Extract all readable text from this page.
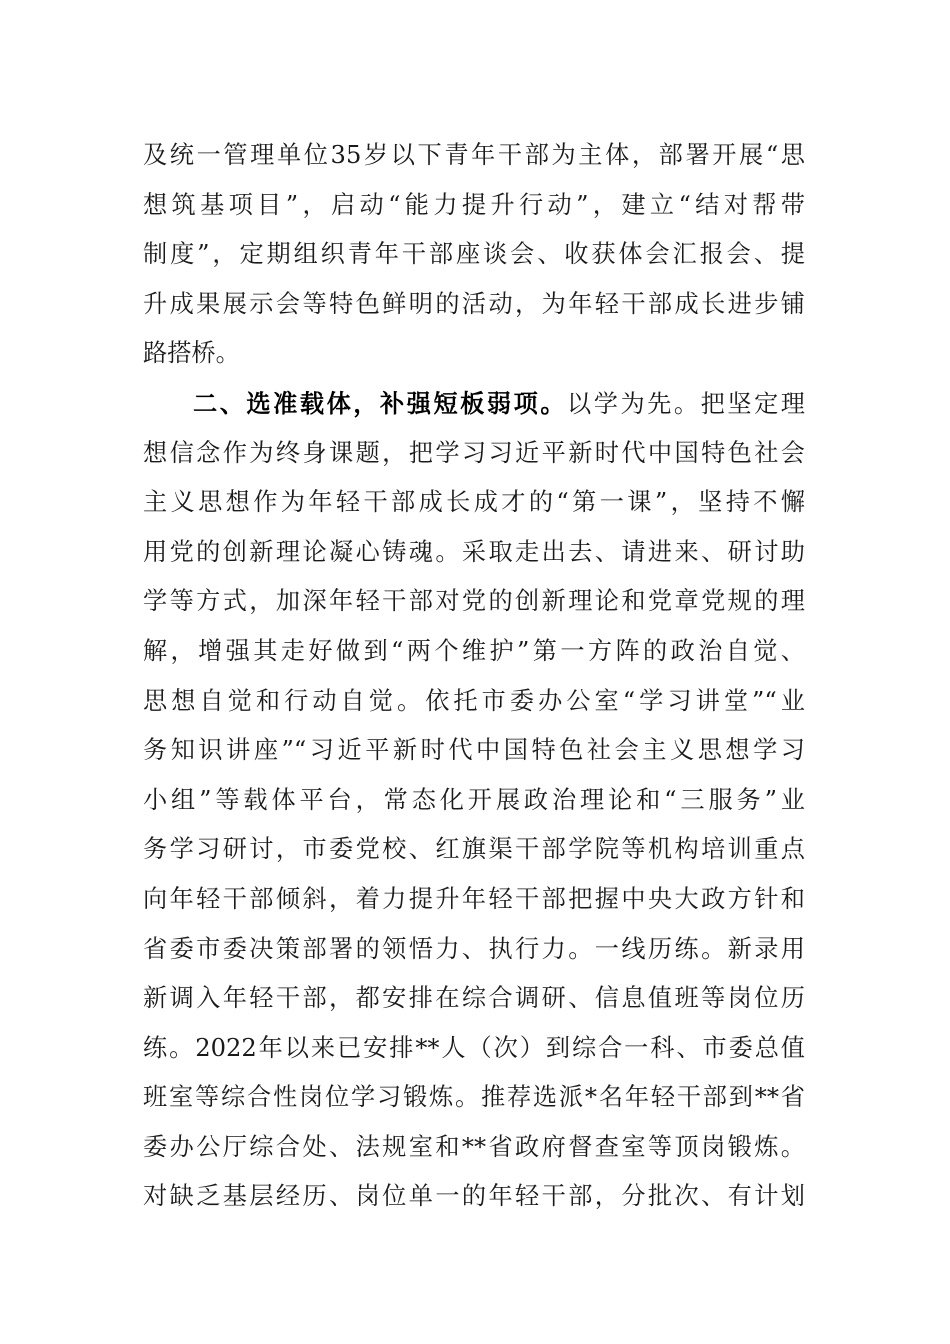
及统一管理单位35岁以下青年干部为主体，部署开展“思
想筑基项目”，启动“能力提升行动”，建立“结对帮带
制度”，定期组织青年干部座谈会、收获体会汇报会、提
升成果展示会等特色鲜明的活动，为年轻干部成长进步铺
路搭桥。
二、选准载体，补强短板弱项。以学为先。把坚定理
想信念作为终身课题，把学习习近平新时代中国特色社会
主义思想作为年轻干部成长成才的“第一课”，坚持不懈
用党的创新理论凝心铸魂。采取走出去、请进来、研讨助
学等方式，加深年轻干部对党的创新理论和党章党规的理
解，增强其走好做到“两个维护”第一方阵的政治自觉、
思想自觉和行动自觉。依托市委办公室“学习讲堂”“业
务知识讲座”“习近平新时代中国特色社会主义思想学习
小组”等载体平台，常态化开展政治理论和“三服务”业
务学习研讨，市委党校、红旗渠干部学院等机构培训重点
向年轻干部倾斜，着力提升年轻干部把握中央大政方针和
省委市委决策部署的领悟力、执行力。一线历练。新录用
新调入年轻干部，都安排在综合调研、信息值班等岗位历
练。2022年以来已安排**人（次）到综合一科、市委总值
班室等综合性岗位学习锻炼。推荐选派*名年轻干部到**省
委办公厅综合处、法规室和**省政府督查室等顶岗锻炼。
对缺乏基层经历、岗位单一的年轻干部，分批次、有计划
